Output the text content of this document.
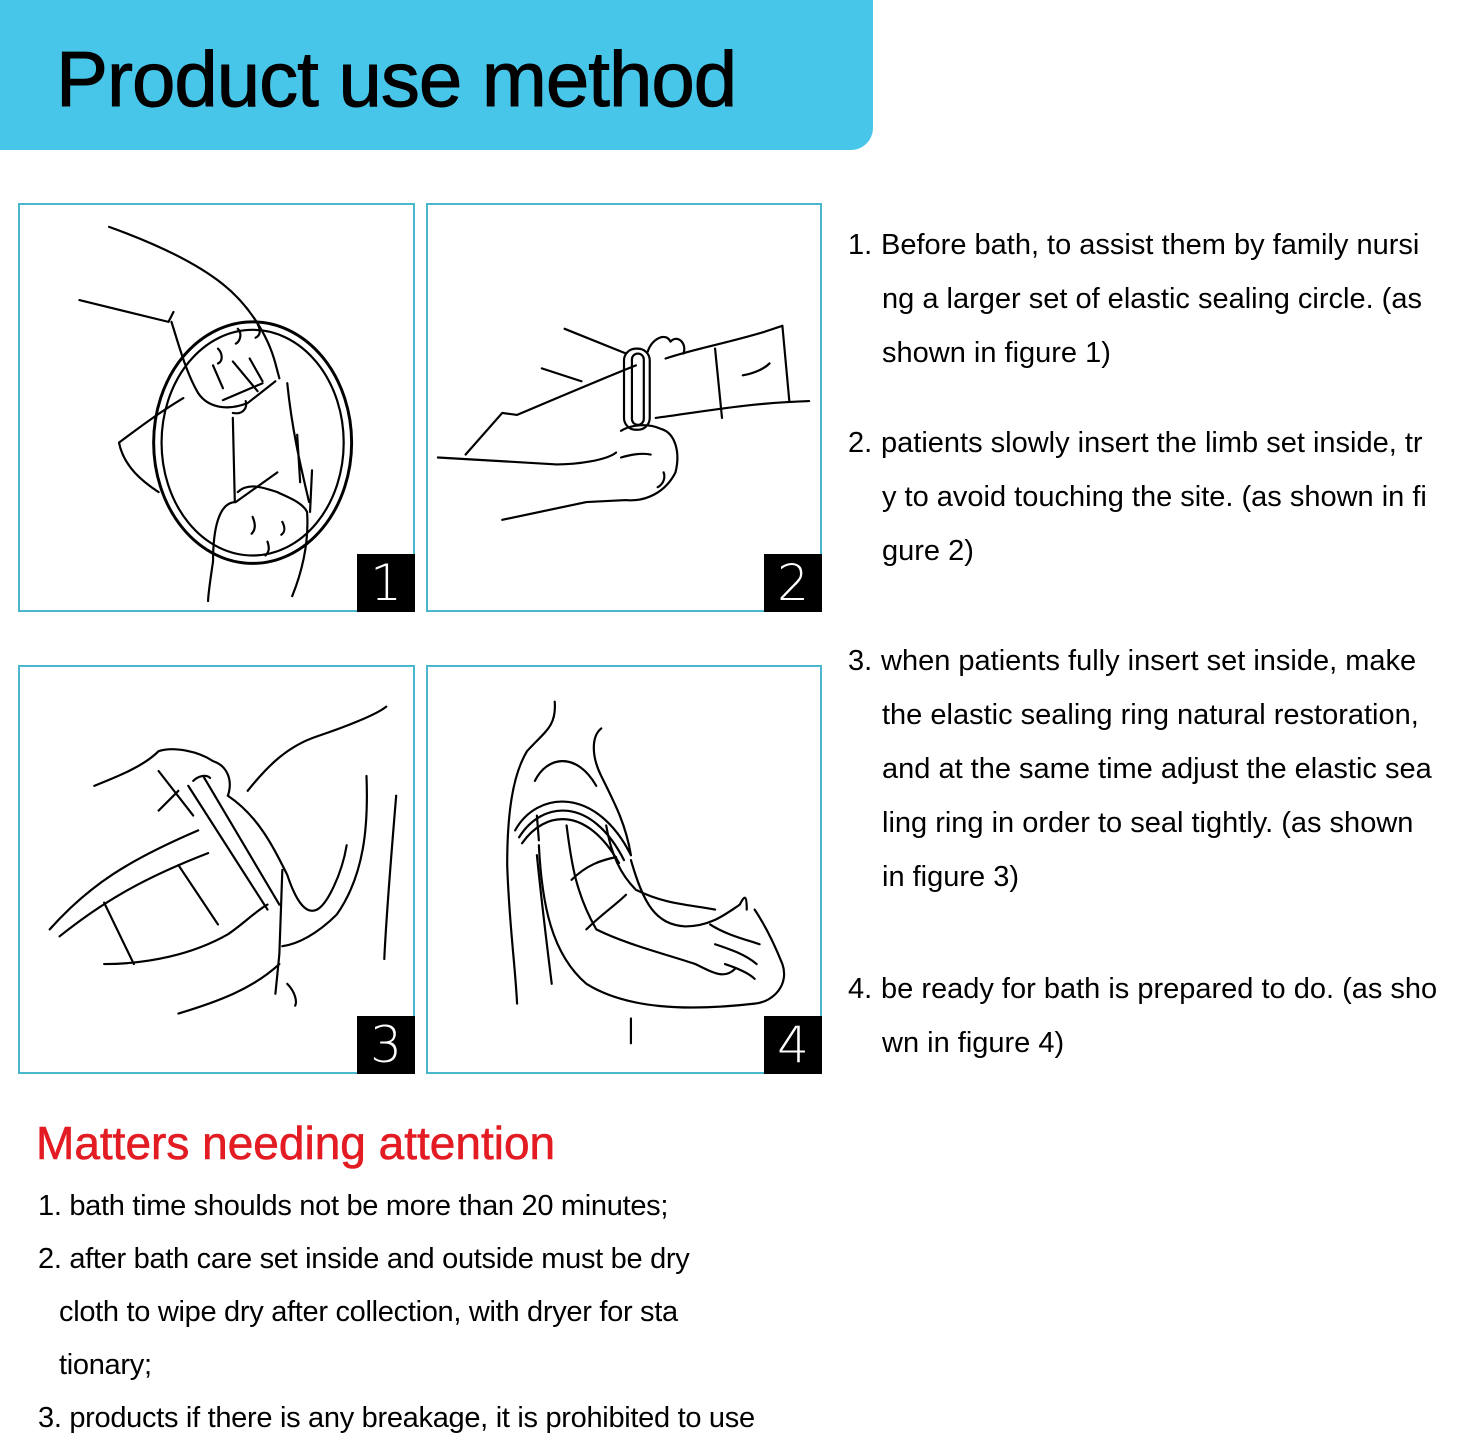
Product use method
1	2
3	4
1. Before bath, to assist them by family nursi
ng a larger set of elastic sealing circle. (as
shown in figure 1)
2. patients slowly insert the limb set inside, tr
y to avoid touching the site. (as shown in fi
gure 2)
3. when patients fully insert set inside, make
the elastic sealing ring natural restoration,
and at the same time adjust the elastic sea
ling ring in order to seal tightly. (as shown
in figure 3)
4. be ready for bath is prepared to do. (as sho
wn in figure 4)
Matters needing attention
1. bath time shoulds not be more than 20 minutes;
2. after bath care set inside and outside must be dry
cloth to wipe dry after collection, with dryer for sta
tionary;
3. products if there is any breakage, it is prohibited to use
